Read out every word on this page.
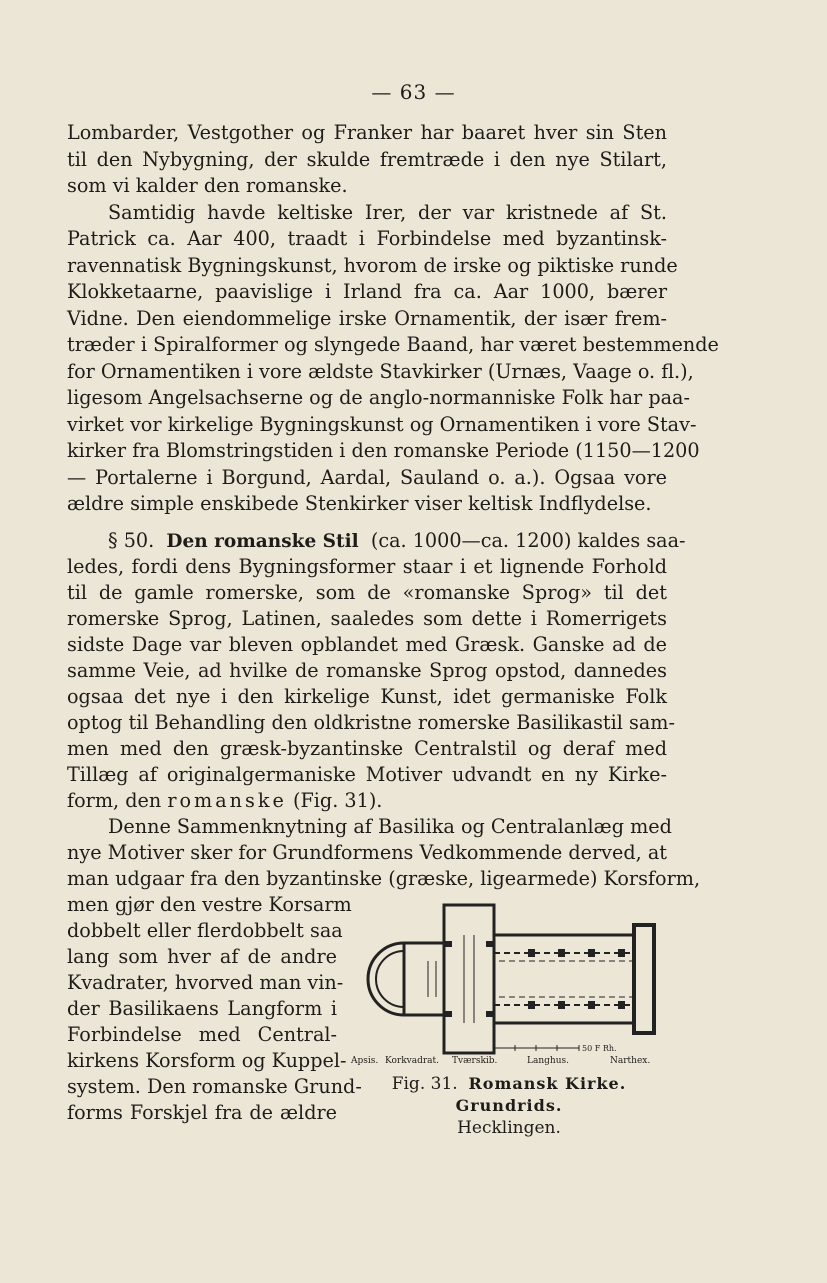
— 63 —
Lombarder, Vestgother og Franker har baaret hver sin Sten
til den Nybygning, der skulde fremtræde i den nye Stilart,
som vi kalder den romanske.
Samtidig havde keltiske Irer, der var kristnede af St.
Patrick ca. Aar 400, traadt i Forbindelse med byzantinsk-
ravennatisk Bygningskunst, hvorom de irske og piktiske runde
Klokketaarne, paavislige i Irland fra ca. Aar 1000, bærer
Vidne. Den eiendommelige irske Ornamentik, der især frem-
træder i Spiralformer og slyngede Baand, har været bestemmende
for Ornamentiken i vore ældste Stavkirker (Urnæs, Vaage o. fl.),
ligesom Angelsachserne og de anglo-normanniske Folk har paa-
virket vor kirkelige Bygningskunst og Ornamentiken i vore Stav-
kirker fra Blomstringstiden i den romanske Periode (1150—1200
— Portalerne i Borgund, Aardal, Sauland o. a.). Ogsaa vore
ældre simple enskibede Stenkirker viser keltisk Indflydelse.
§ 50. Den romanske Stil (ca. 1000—ca. 1200) kaldes saa-
ledes, fordi dens Bygningsformer staar i et lignende Forhold
til de gamle romerske, som de «romanske Sprog» til det
romerske Sprog, Latinen, saaledes som dette i Romerrigets
sidste Dage var bleven opblandet med Græsk. Ganske ad de
samme Veie, ad hvilke de romanske Sprog opstod, dannedes
ogsaa det nye i den kirkelige Kunst, idet germaniske Folk
optog til Behandling den oldkristne romerske Basilikastil sam-
men med den græsk-byzantinske Centralstil og deraf med
Tillæg af originalgermaniske Motiver udvandt en ny Kirke-
form, den romanske (Fig. 31).
Denne Sammenknytning af Basilika og Centralanlæg med
nye Motiver sker for Grundformens Vedkommende derved, at
man udgaar fra den byzantinske (græske, ligearmede) Korsform,
men gjør den vestre Korsarm
dobbelt eller flerdobbelt saa
lang som hver af de andre
Kvadrater, hvorved man vin-
der Basilikaens Langform i
Forbindelse med Central-
kirkens Korsform og Kuppel-
system. Den romanske Grund-
forms Forskjel fra de ældre
50 F Rh.
Apsis. Korkvadrat. Tværskib.	Langhus.	Narthex.
Fig. 31. Romansk Kirke. Grundrids.
Hecklingen.
